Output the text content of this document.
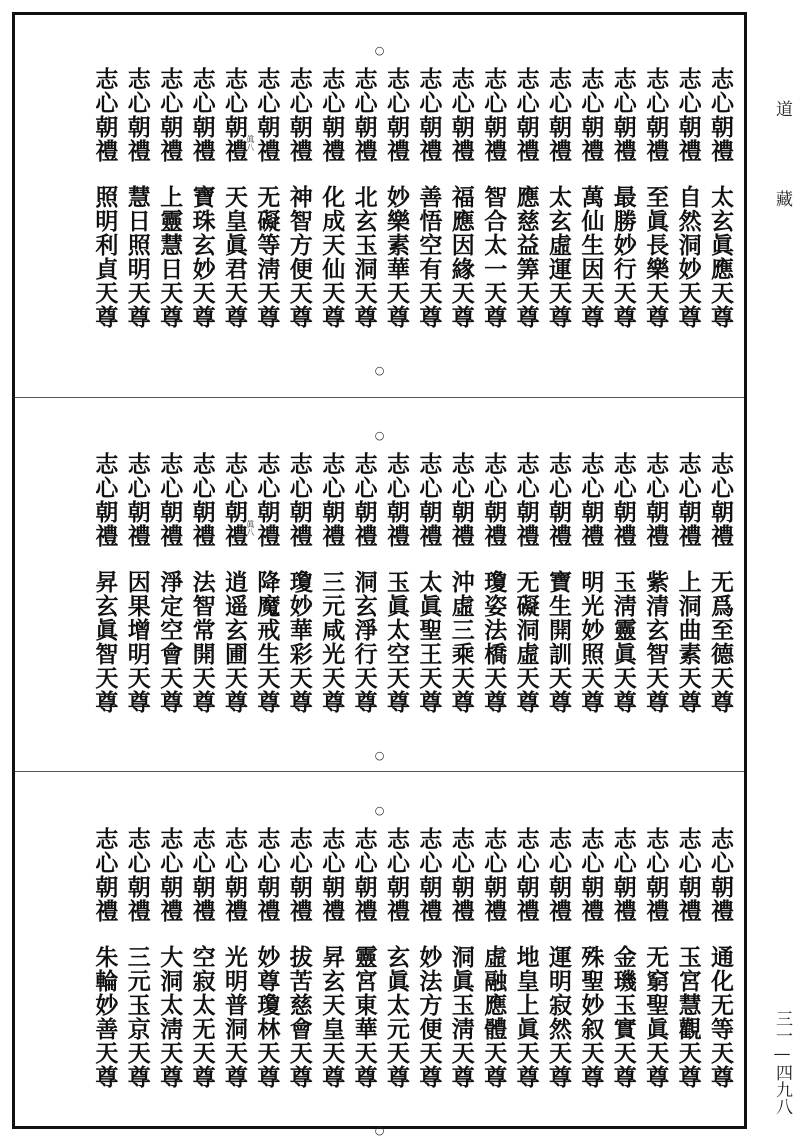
○
○
志心朝禮
太玄眞應天尊
志心朝禮
自然洞妙天尊
志心朝禮
至眞長樂天尊
志心朝禮
最勝妙行天尊
志心朝禮
萬仙生因天尊
志心朝禮
太玄虛運天尊
志心朝禮
應慈益筭天尊
志心朝禮
智合太一天尊
志心朝禮
福應因緣天尊
志心朝禮
善悟空有天尊
志心朝禮
妙樂素華天尊
志心朝禮
北玄玉洞天尊
志心朝禮
化成天仙天尊
志心朝禮
神智方便天尊
志心朝禮
无礙等淸天尊
志心朝禮
天皇眞君天尊
眞八
志心朝禮
寶珠玄妙天尊
志心朝禮
上靈慧日天尊
志心朝禮
慧日照明天尊
志心朝禮
照明利貞天尊
○
○
志心朝禮
无爲至德天尊
志心朝禮
上洞曲素天尊
志心朝禮
紫清玄智天尊
志心朝禮
玉淸靈眞天尊
志心朝禮
明光妙照天尊
志心朝禮
寶生開訓天尊
志心朝禮
无礙洞虛天尊
志心朝禮
瓊姿法橋天尊
志心朝禮
沖虛三乘天尊
志心朝禮
太眞聖王天尊
志心朝禮
玉眞太空天尊
志心朝禮
洞玄淨行天尊
志心朝禮
三元咸光天尊
志心朝禮
瓊妙華彩天尊
志心朝禮
降魔戒生天尊
志心朝禮
逍遥玄圃天尊
眞八
志心朝禮
法智常開天尊
志心朝禮
淨定空會天尊
志心朝禮
因果增明天尊
志心朝禮
昇玄眞智天尊
○
○
志心朝禮
通化无等天尊
志心朝禮
玉宮慧觀天尊
志心朝禮
无窮聖眞天尊
志心朝禮
金璣玉實天尊
志心朝禮
殊聖妙叙天尊
志心朝禮
運明寂然天尊
志心朝禮
地皇上眞天尊
志心朝禮
虛融應體天尊
志心朝禮
洞眞玉淸天尊
志心朝禮
妙法方便天尊
志心朝禮
玄眞太元天尊
志心朝禮
靈宮東華天尊
志心朝禮
昇玄天皇天尊
志心朝禮
拔苦慈會天尊
志心朝禮
妙尊瓊林天尊
志心朝禮
光明普洞天尊
志心朝禮
空寂太无天尊
志心朝禮
大洞太淸天尊
志心朝禮
三元玉京天尊
志心朝禮
朱輪妙善天尊
道
藏
三一—四九八
